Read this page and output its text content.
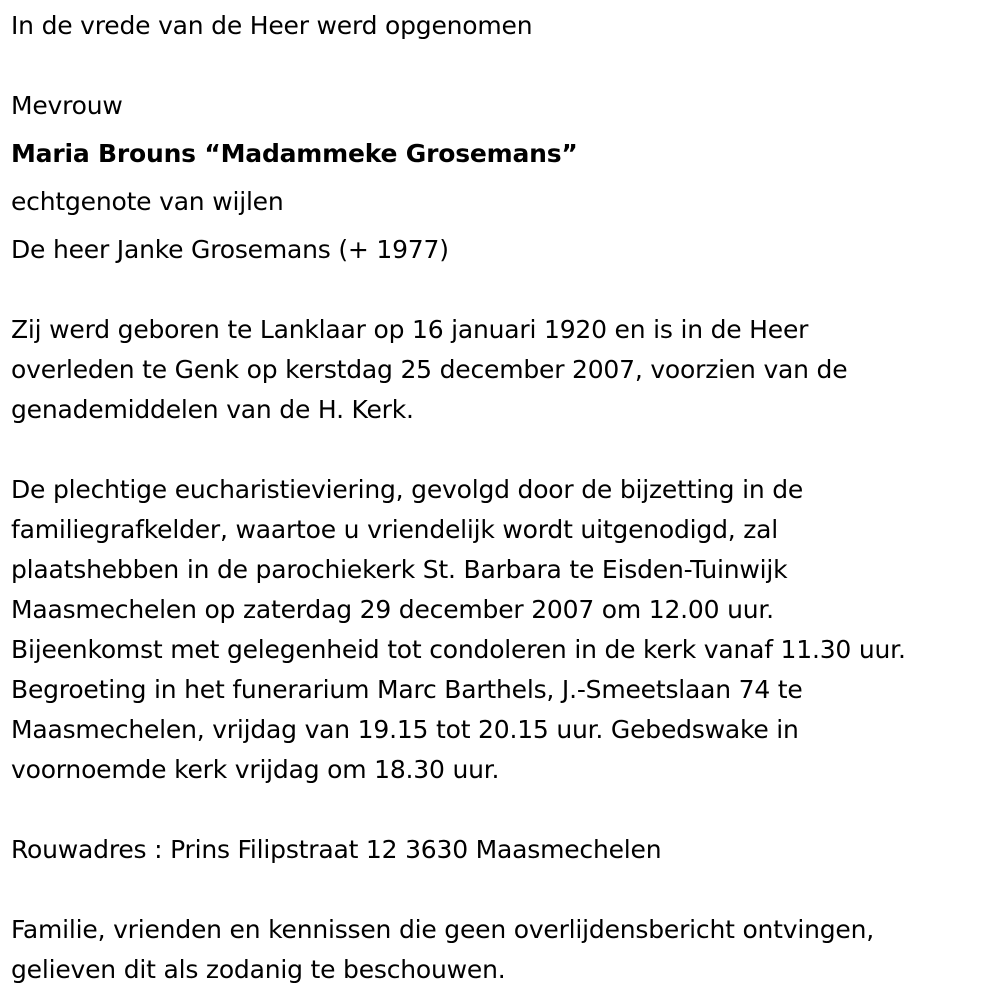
In de vrede van de Heer werd opgenomen
Mevrouw
Maria Brouns “Madammeke Grosemans”
echtgenote van wijlen
De heer Janke Grosemans (+ 1977)
Zij werd geboren te Lanklaar op 16 januari 1920 en is in de Heer
overleden te Genk op kerstdag 25 december 2007, voorzien van de
genademiddelen van de H. Kerk.
De plechtige eucharistieviering, gevolgd door de bijzetting in de
familiegrafkelder, waartoe u vriendelijk wordt uitgenodigd, zal
plaatshebben in de parochiekerk St. Barbara te Eisden-Tuinwijk
Maasmechelen op zaterdag 29 december 2007 om 12.00 uur.
Bijeenkomst met gelegenheid tot condoleren in de kerk vanaf 11.30 uur.
Begroeting in het funerarium Marc Barthels, J.-Smeetslaan 74 te
Maasmechelen, vrijdag van 19.15 tot 20.15 uur. Gebedswake in
voornoemde kerk vrijdag om 18.30 uur.
Rouwadres : Prins Filipstraat 12 3630 Maasmechelen
Familie, vrienden en kennissen die geen overlijdensbericht ontvingen,
gelieven dit als zodanig te beschouwen.
